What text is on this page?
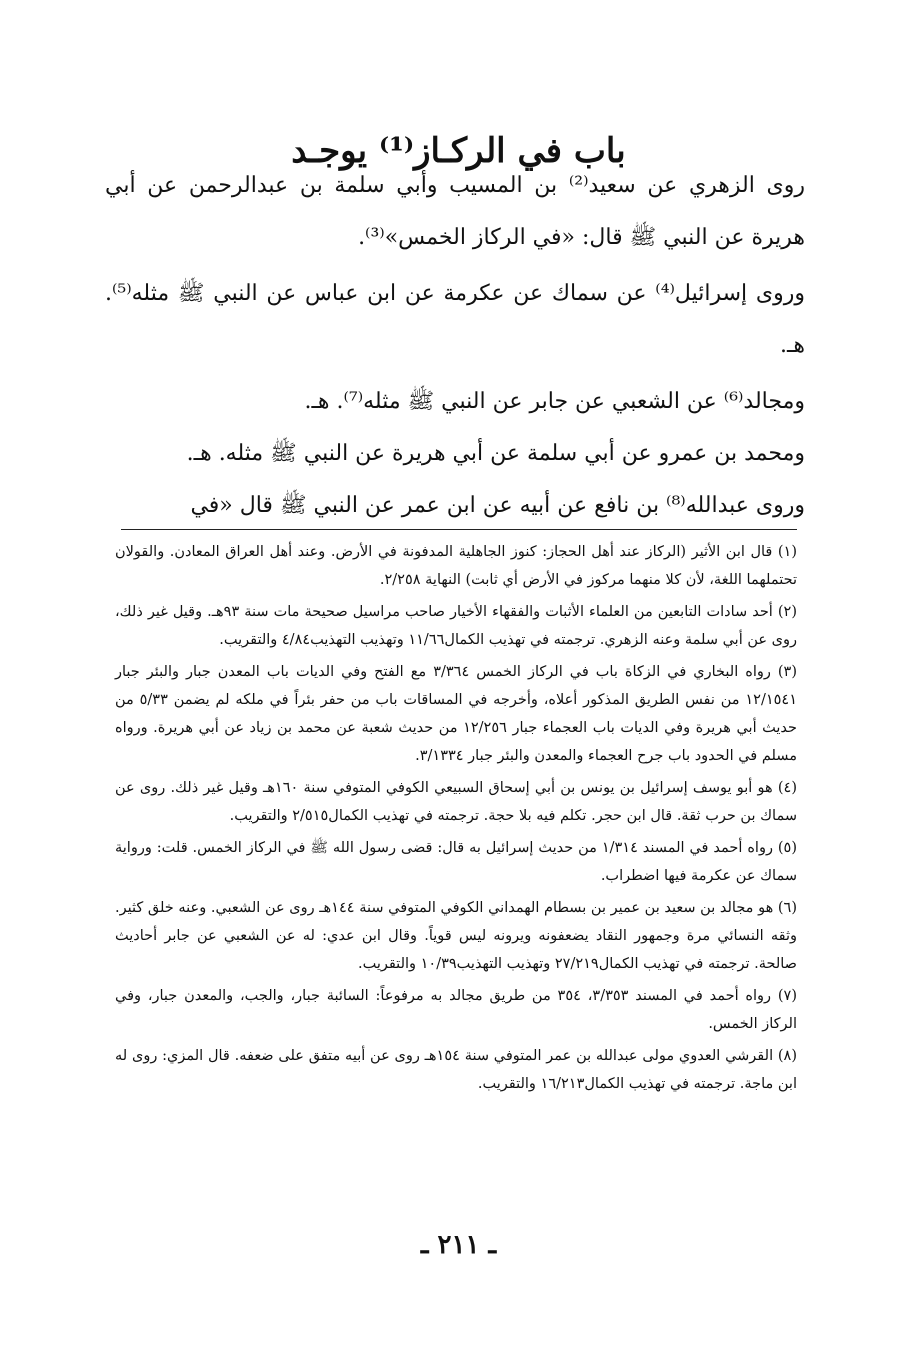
باب في الركـاز⁽¹⁾ يوجـد

روى الزهري عن سعيد⁽²⁾ بن المسيب وأبي سلمة بن عبدالرحمن عن أبي هريرة عن النبي ﷺ قال: «في الركاز الخمس»⁽³⁾.

وروى إسرائيل⁽⁴⁾ عن سماك عن عكرمة عن ابن عباس عن النبي ﷺ مثله⁽⁵⁾. هـ.

ومجالد⁽⁶⁾ عن الشعبي عن جابر عن النبي ﷺ مثله⁽⁷⁾. هـ.

ومحمد بن عمرو عن أبي سلمة عن أبي هريرة عن النبي ﷺ مثله. هـ.

وروى عبدالله⁽⁸⁾ بن نافع عن أبيه عن ابن عمر عن النبي ﷺ قال «في

(١) قال ابن الأثير (الركاز عند أهل الحجاز: كنوز الجاهلية المدفونة في الأرض. وعند أهل العراق المعادن. والقولان تحتملهما اللغة، لأن كلا منهما مركوز في الأرض أي ثابت) النهاية ٢/٢٥٨.

(٢) أحد سادات التابعين من العلماء الأثبات والفقهاء الأخيار صاحب مراسيل صحيحة مات سنة ٩٣هـ. وقيل غير ذلك، روى عن أبي سلمة وعنه الزهري. ترجمته في تهذيب الكمال١١/٦٦ وتهذيب التهذيب٤/٨٤ والتقريب.

(٣) رواه البخاري في الزكاة باب في الركاز الخمس ٣/٣٦٤ مع الفتح وفي الديات باب المعدن جبار والبئر جبار ١٢/١٥٤١ من نفس الطريق المذكور أعلاه، وأخرجه في المساقات باب من حفر بئراً في ملكه لم يضمن ٥/٣٣ من حديث أبي هريرة وفي الديات باب العجماء جبار ١٢/٢٥٦ من حديث شعبة عن محمد بن زياد عن أبي هريرة. ورواه مسلم في الحدود باب جرح العجماء والمعدن والبئر جبار ٣/١٣٣٤.

(٤) هو أبو يوسف إسرائيل بن يونس بن أبي إسحاق السبيعي الكوفي المتوفي سنة ١٦٠هـ وقيل غير ذلك. روى عن سماك بن حرب ثقة. قال ابن حجر. تكلم فيه بلا حجة. ترجمته في تهذيب الكمال٢/٥١٥ والتقريب.

(٥) رواه أحمد في المسند ١/٣١٤ من حديث إسرائيل به قال: قضى رسول الله ﷺ في الركاز الخمس. قلت: ورواية سماك عن عكرمة فيها اضطراب.

(٦) هو مجالد بن سعيد بن عمير بن بسطام الهمداني الكوفي المتوفي سنة ١٤٤هـ روى عن الشعبي. وعنه خلق كثير. وثقه النسائي مرة وجمهور النقاد يضعفونه ويرونه ليس قوياً. وقال ابن عدي: له عن الشعبي عن جابر أحاديث صالحة. ترجمته في تهذيب الكمال٢٧/٢١٩ وتهذيب التهذيب١٠/٣٩ والتقريب.

(٧) رواه أحمد في المسند ٣/٣٥٣، ٣٥٤ من طريق مجالد به مرفوعاً: السائبة جبار، والجب، والمعدن جبار، وفي الركاز الخمس.

(٨) القرشي العدوي مولى عبدالله بن عمر المتوفي سنة ١٥٤هـ روى عن أبيه متفق على ضعفه. قال المزي: روى له ابن ماجة. ترجمته في تهذيب الكمال١٦/٢١٣ والتقريب.

ـ ٢١١ ـ
